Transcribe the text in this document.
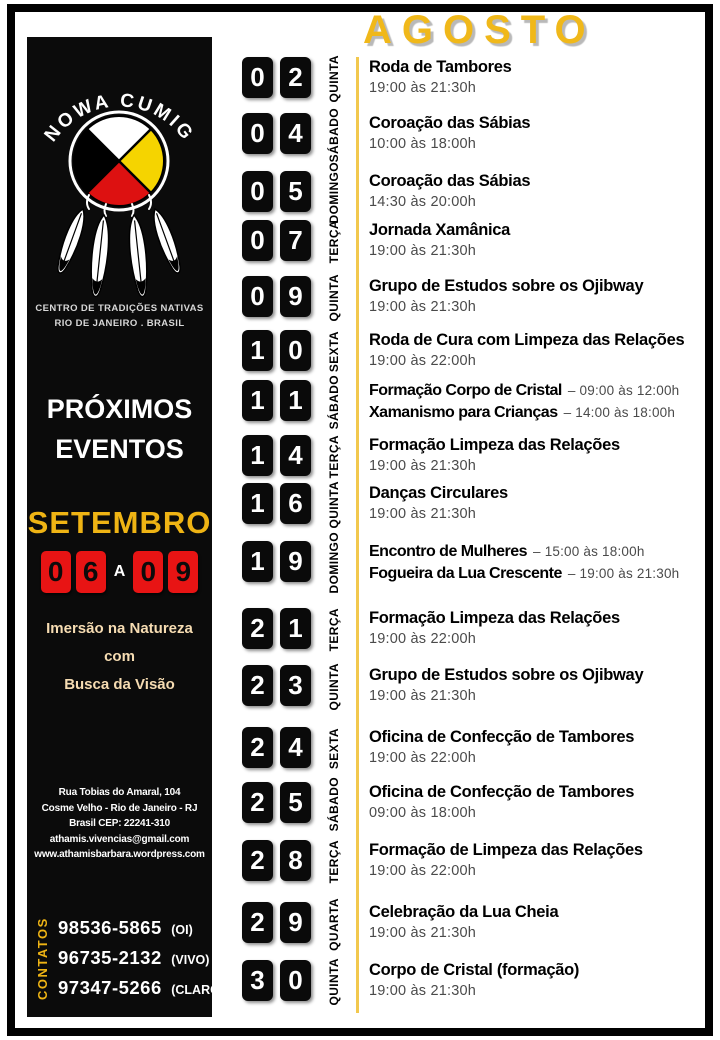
NOWA CUMIG
CENTRO DE TRADIÇÕES NATIVAS
RIO DE JANEIRO . BRASIL
PRÓXIMOS
EVENTOS
SETEMBRO
0 6 A 0 9
Imersão na Natureza
com
Busca da Visão
Rua Tobias do Amaral, 104
Cosme Velho - Rio de Janeiro - RJ
Brasil CEP: 22241-310
athamis.vivencias@gmail.com
www.athamisbarbara.wordpress.com
CONTATOS 98536-5865 (OI)
96735-2132 (VIVO)
97347-5266 (CLARO)
AGOSTO
0 2	QUINTA Roda de Tambores
19:00 às 21:30h
0 4	SÁBADO Coroação das Sábias
10:00 às 18:00h
0 5	DOMINGO Coroação das Sábias
14:30 às 20:00h
0 7	TERÇA Jornada Xamânica
19:00 às 21:30h
0 9	QUINTA Grupo de Estudos sobre os Ojibway
19:00 às 21:30h
1 0	SEXTA Roda de Cura com Limpeza das Relações
19:00 às 22:00h
1 1	SÁBADO Formação Corpo de Cristal – 09:00 às 12:00h
Xamanismo para Crianças – 14:00 às 18:00h
1 4	TERÇA Formação Limpeza das Relações
19:00 às 21:30h
1 6	QUINTA Danças Circulares
19:00 às 21:30h
1 9	DOMINGO Encontro de Mulheres – 15:00 às 18:00h
Fogueira da Lua Crescente – 19:00 às 21:30h
2 1	TERÇA Formação Limpeza das Relações
19:00 às 22:00h
2 3	QUINTA Grupo de Estudos sobre os Ojibway
19:00 às 21:30h
2 4	SEXTA Oficina de Confecção de Tambores
19:00 às 22:00h
2 5	SÁBADO Oficina de Confecção de Tambores
09:00 às 18:00h
2 8	TERÇA Formação de Limpeza das Relações
19:00 às 22:00h
2 9	QUARTA Celebração da Lua Cheia
19:00 às 21:30h
3 0	QUINTA Corpo de Cristal (formação)
19:00 às 21:30h
